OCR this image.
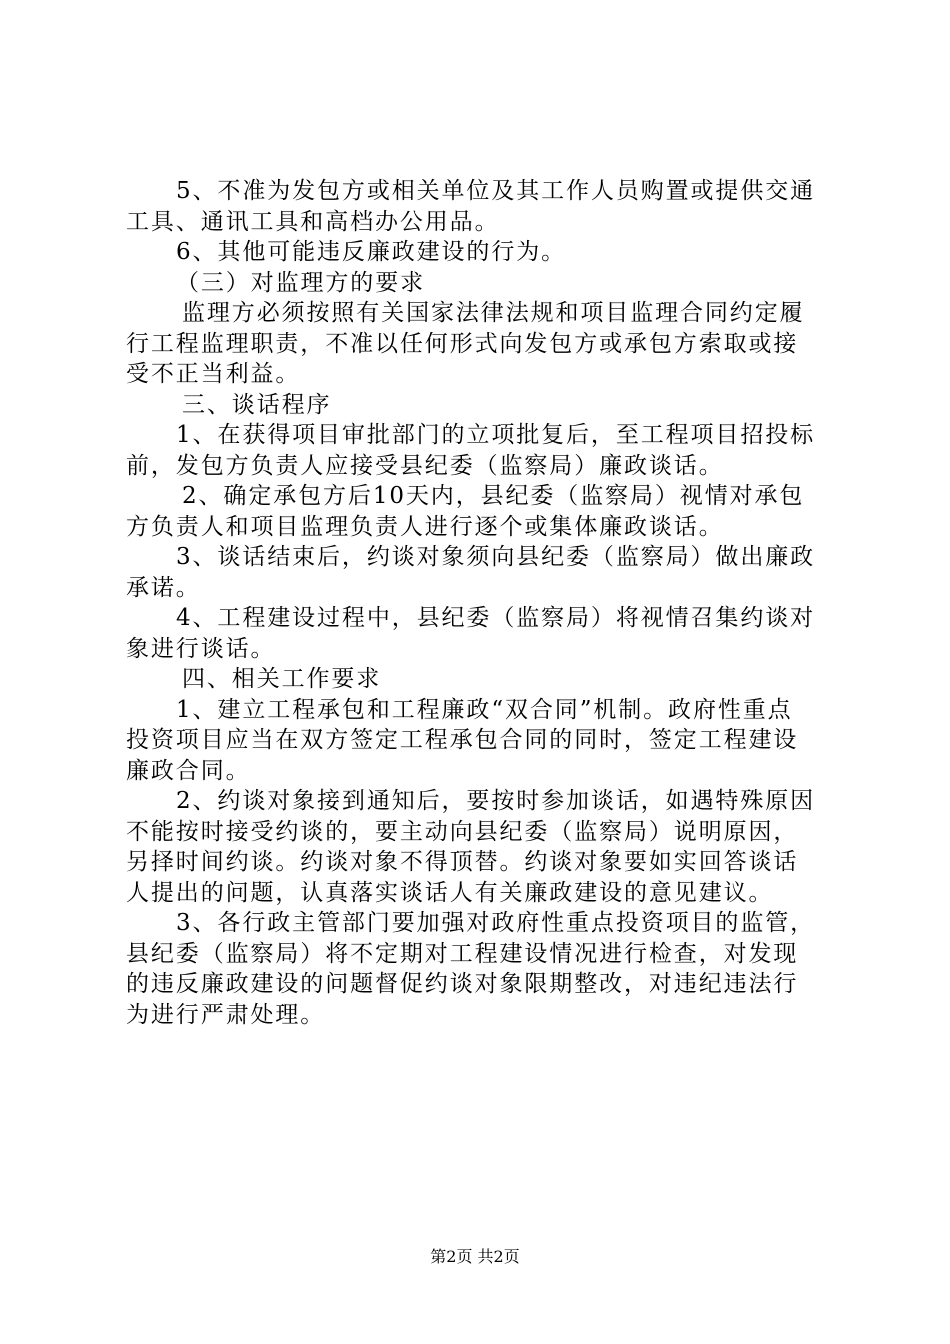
5、不准为发包方或相关单位及其工作人员购置或提供交通
工具、通讯工具和高档办公用品。
6、其他可能违反廉政建设的行为。
（三）对监理方的要求
监理方必须按照有关国家法律法规和项目监理合同约定履
行工程监理职责，不准以任何形式向发包方或承包方索取或接
受不正当利益。
三、谈话程序
1、在获得项目审批部门的立项批复后，至工程项目招投标
前，发包方负责人应接受县纪委（监察局）廉政谈话。
2、确定承包方后10天内，县纪委（监察局）视情对承包
方负责人和项目监理负责人进行逐个或集体廉政谈话。
3、谈话结束后，约谈对象须向县纪委（监察局）做出廉政
承诺。
4、工程建设过程中，县纪委（监察局）将视情召集约谈对
象进行谈话。
四、相关工作要求
1、建立工程承包和工程廉政“双合同”机制。政府性重点
投资项目应当在双方签定工程承包合同的同时，签定工程建设
廉政合同。
2、约谈对象接到通知后，要按时参加谈话，如遇特殊原因
不能按时接受约谈的，要主动向县纪委（监察局）说明原因，
另择时间约谈。约谈对象不得顶替。约谈对象要如实回答谈话
人提出的问题，认真落实谈话人有关廉政建设的意见建议。
3、各行政主管部门要加强对政府性重点投资项目的监管，
县纪委（监察局）将不定期对工程建设情况进行检查，对发现
的违反廉政建设的问题督促约谈对象限期整改，对违纪违法行
为进行严肃处理。
第2页 共2页
